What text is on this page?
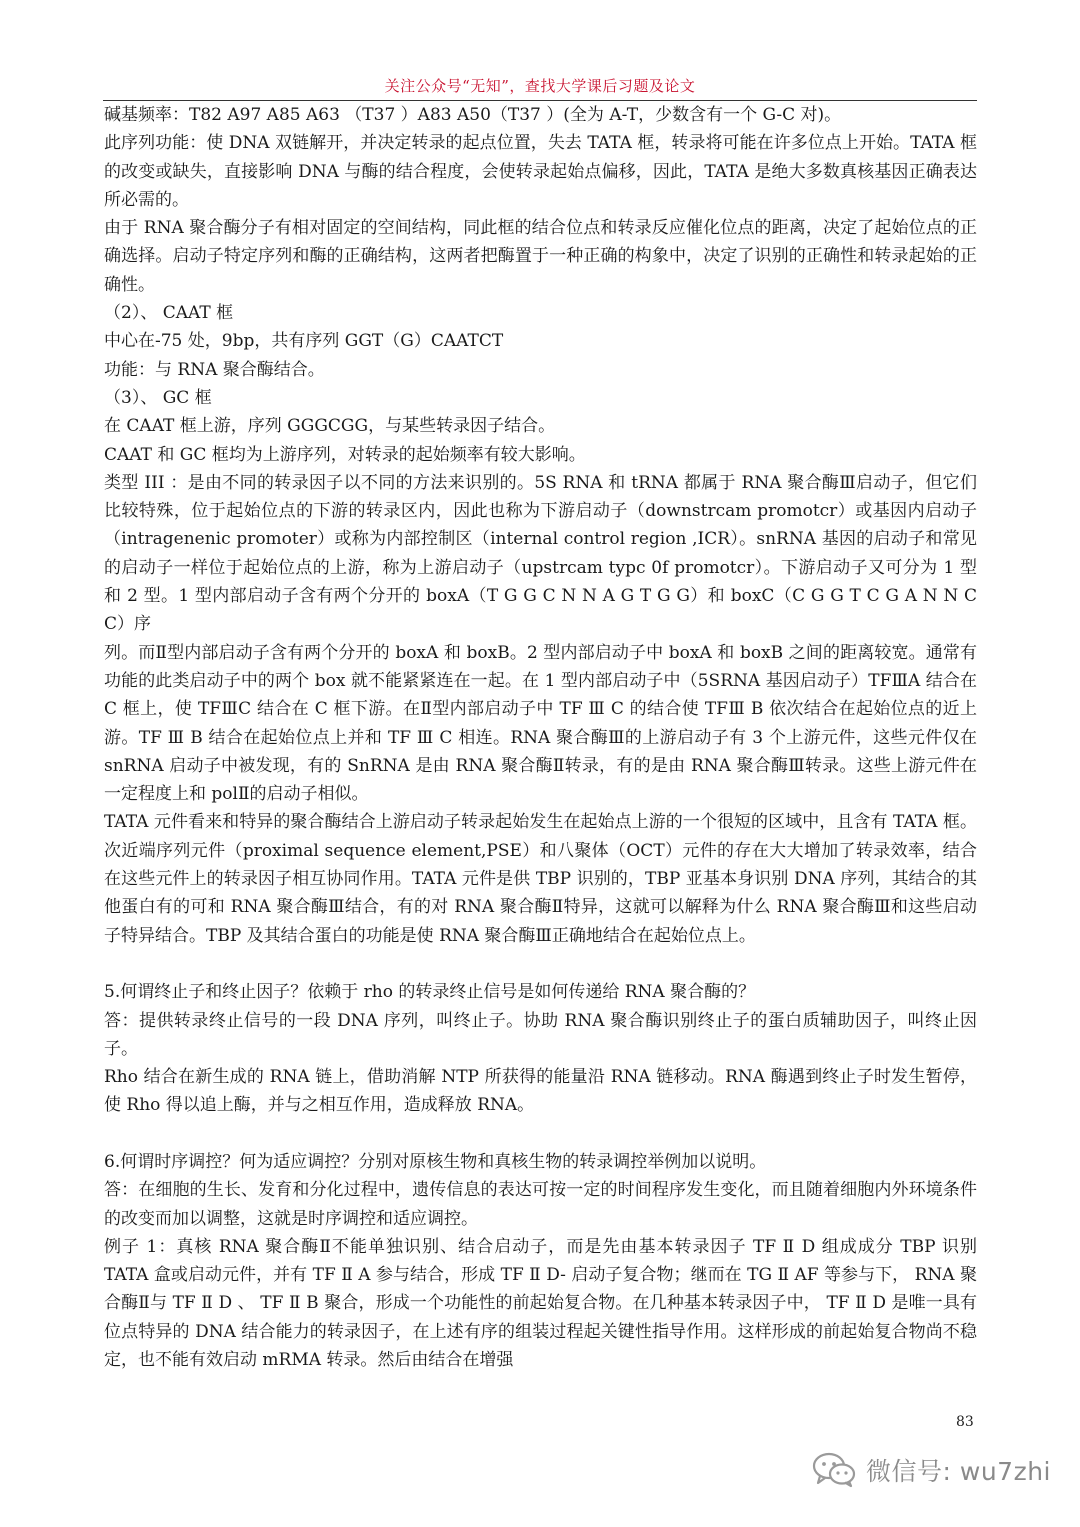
关注公众号“无知”，查找大学课后习题及论文

碱基频率：T82 A97 A85 A63 （T37 ）A83 A50（T37 ）(全为 A-T，少数含有一个 G-C 对)。

此序列功能：使 DNA 双链解开，并决定转录的起点位置，失去 TATA 框，转录将可能在许多位点上开始。TATA 框的改变或缺失，直接影响 DNA 与酶的结合程度，会使转录起始点偏移，因此，TATA 是绝大多数真核基因正确表达所必需的。

由于 RNA 聚合酶分子有相对固定的空间结构，同此框的结合位点和转录反应催化位点的距离，决定了起始位点的正确选择。启动子特定序列和酶的正确结构，这两者把酶置于一种正确的构象中，决定了识别的正确性和转录起始的正确性。

（2）、 CAAT 框

中心在-75 处，9bp，共有序列 GGT（G）CAATCT

功能：与 RNA 聚合酶结合。

（3）、 GC 框

在 CAAT 框上游，序列 GGGCGG，与某些转录因子结合。

CAAT 和 GC 框均为上游序列，对转录的起始频率有较大影响。

类型 III ：是由不同的转录因子以不同的方法来识别的。5S RNA 和 tRNA 都属于 RNA 聚合酶Ⅲ启动子，但它们比较特殊，位于起始位点的下游的转录区内，因此也称为下游启动子（downstrcam promotcr）或基因内启动子（intragenenic promoter）或称为内部控制区（internal control region ,ICR）。snRNA 基因的启动子和常见的启动子一样位于起始位点的上游，称为上游启动子（upstrcam typc 0f promotcr）。下游启动子又可分为 1 型和 2 型。1 型内部启动子含有两个分开的 boxA（T G G C N N A G T G G）和 boxC（C G G T C G A N N C C）序

列。而Ⅱ型内部启动子含有两个分开的 boxA 和 boxB。2 型内部启动子中 boxA 和 boxB 之间的距离较宽。通常有功能的此类启动子中的两个 box 就不能紧紧连在一起。在 1 型内部启动子中（5SRNA 基因启动子）TFⅢA 结合在 C 框上，使 TFⅢC 结合在 C 框下游。在Ⅱ型内部启动子中 TF Ⅲ C 的结合使 TFⅢ B 依次结合在起始位点的近上游。TF Ⅲ B 结合在起始位点上并和 TF Ⅲ C 相连。RNA 聚合酶Ⅲ的上游启动子有 3 个上游元件，这些元件仅在 snRNA 启动子中被发现，有的 SnRNA 是由 RNA 聚合酶Ⅱ转录，有的是由 RNA 聚合酶Ⅲ转录。这些上游元件在一定程度上和 polⅡ的启动子相似。

TATA 元件看来和特异的聚合酶结合上游启动子转录起始发生在起始点上游的一个很短的区域中，且含有 TATA 框。次近端序列元件（proximal sequence element,PSE）和八聚体（OCT）元件的存在大大增加了转录效率，结合在这些元件上的转录因子相互协同作用。TATA 元件是供 TBP 识别的，TBP 亚基本身识别 DNA 序列，其结合的其他蛋白有的可和 RNA 聚合酶Ⅲ结合，有的对 RNA 聚合酶Ⅱ特异，这就可以解释为什么 RNA 聚合酶Ⅲ和这些启动子特异结合。TBP 及其结合蛋白的功能是使 RNA 聚合酶Ⅲ正确地结合在起始位点上。

5.何谓终止子和终止因子？依赖于 rho 的转录终止信号是如何传递给 RNA 聚合酶的？

答：提供转录终止信号的一段 DNA 序列，叫终止子。协助 RNA 聚合酶识别终止子的蛋白质辅助因子，叫终止因子。

Rho 结合在新生成的 RNA 链上，借助消解 NTP 所获得的能量沿 RNA 链移动。RNA 酶遇到终止子时发生暂停，使 Rho 得以追上酶，并与之相互作用，造成释放 RNA。

6.何谓时序调控？何为适应调控？分别对原核生物和真核生物的转录调控举例加以说明。

答：在细胞的生长、发育和分化过程中，遗传信息的表达可按一定的时间程序发生变化，而且随着细胞内外环境条件的改变而加以调整，这就是时序调控和适应调控。

例子 1：真核 RNA 聚合酶Ⅱ不能单独识别、结合启动子，而是先由基本转录因子 TF Ⅱ D 组成成分 TBP 识别 TATA 盒或启动元件，并有 TF Ⅱ A 参与结合，形成 TF Ⅱ D- 启动子复合物；继而在 TG Ⅱ AF 等参与下， RNA 聚合酶Ⅱ与 TF Ⅱ D 、 TF Ⅱ B 聚合，形成一个功能性的前起始复合物。在几种基本转录因子中， TF Ⅱ D 是唯一具有位点特异的 DNA 结合能力的转录因子，在上述有序的组装过程起关键性指导作用。这样形成的前起始复合物尚不稳定，也不能有效启动 mRMA 转录。然后由结合在增强

83
微信号: wu7zhi
